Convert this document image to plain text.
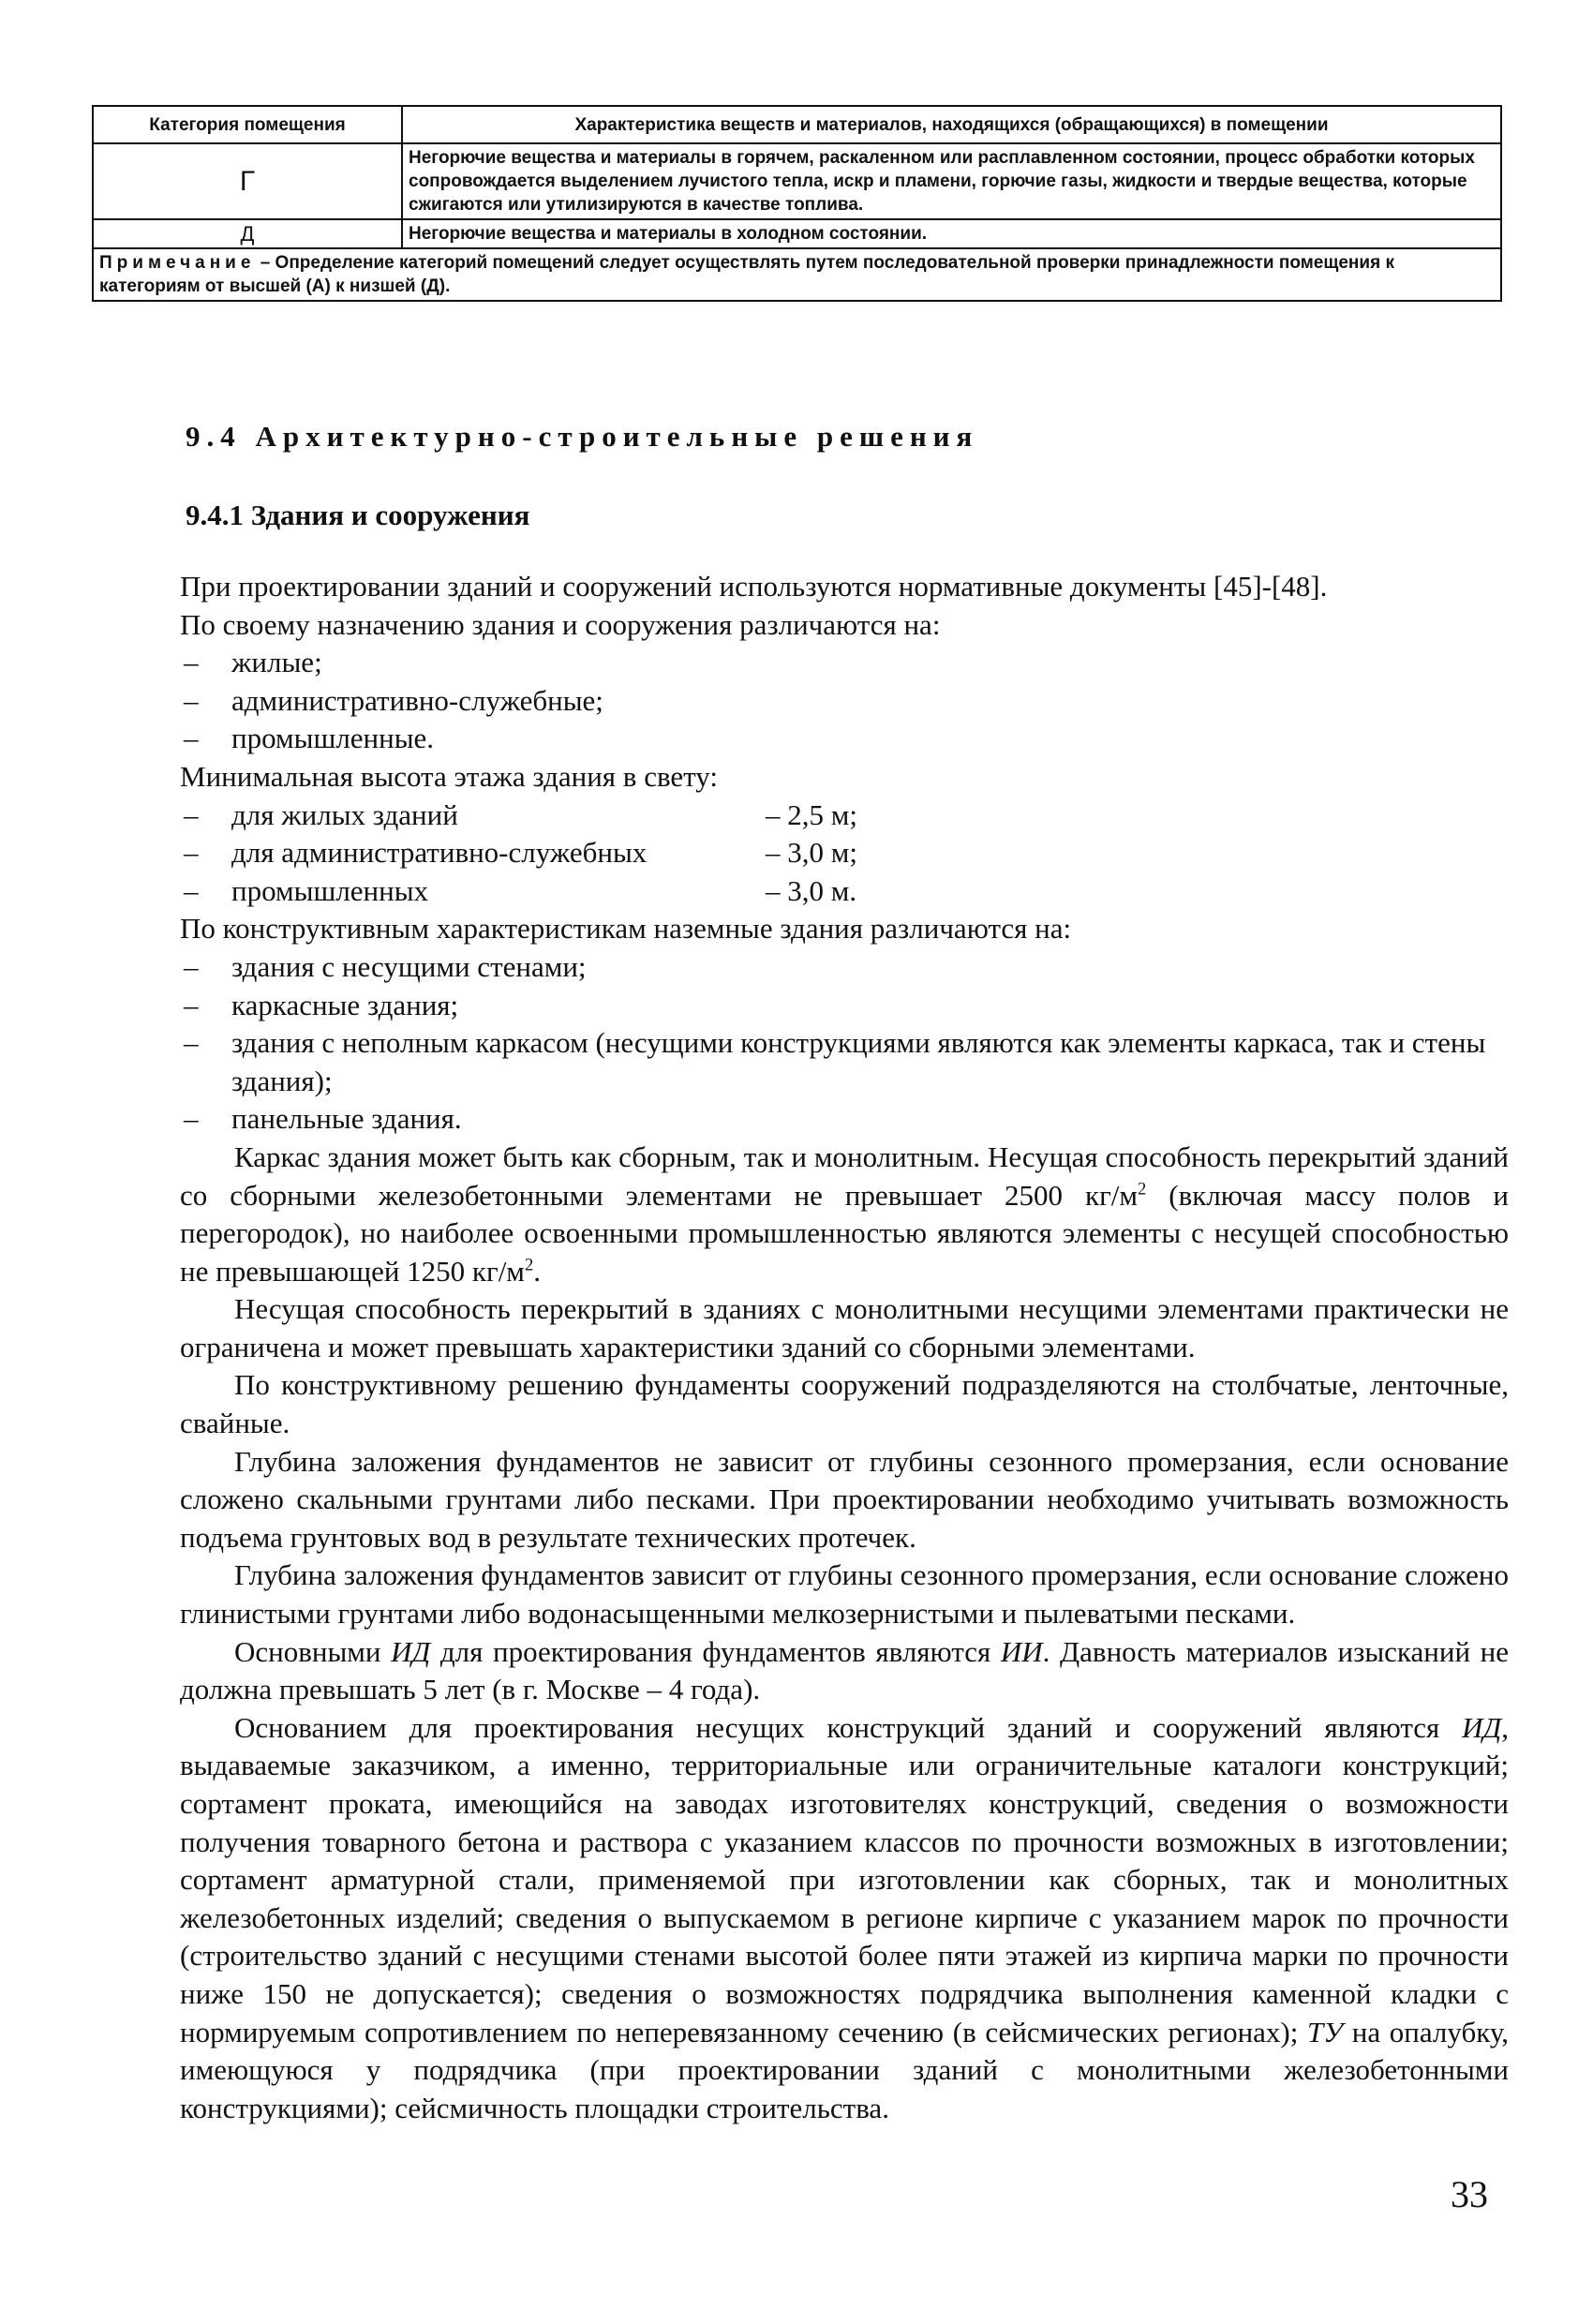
Категория помещения	Характеристика веществ и материалов, находящихся (обращающихся) в помещении
Г	Негорючие вещества и материалы в горячем, раскаленном или расплавленном состоянии, процесс обработки которых сопровождается выделением лучистого тепла, искр и пламени, горючие газы, жидкости и твердые вещества, которые сжигаются или утилизируются в качестве топлива.
Д	Негорючие вещества и материалы в холодном состоянии.
Примечание – Определение категорий помещений следует осуществлять путем последовательной проверки принадлежности помещения к категориям от высшей (А) к низшей (Д).	
9.4 Архитектурно-строительные решения
9.4.1 Здания и сооружения

При проектировании зданий и сооружений используются нормативные документы [45]-[48].

По своему назначению здания и сооружения различаются на:

– жилые;
– административно-служебные;
– промышленные.

Минимальная высота этажа здания в свету:

– для жилых зданий	– 2,5 м;
– для административно-служебных	– 3,0 м;
– промышленных	– 3,0 м.

По конструктивным характеристикам наземные здания различаются на:

– здания с несущими стенами;
– каркасные здания;
– здания с неполным каркасом (несущими конструкциями являются как элементы каркаса, так и стены здания);
– панельные здания.

Каркас здания может быть как сборным, так и монолитным. Несущая способность перекрытий зданий со сборными железобетонными элементами не превышает 2500 $кг/м^2$ (включая массу полов и перегородок), но наиболее освоенными промышленностью являются элементы с несущей способностью не превышающей 1250 $кг/м^2$.

Несущая способность перекрытий в зданиях с монолитными несущими элементами практически не ограничена и может превышать характеристики зданий со сборными элементами.

По конструктивному решению фундаменты сооружений подразделяются на столбчатые, ленточные, свайные.

Глубина заложения фундаментов не зависит от глубины сезонного промерзания, если основание сложено скальными грунтами либо песками. При проектировании необходимо учитывать возможность подъема грунтовых вод в результате технических протечек.

Глубина заложения фундаментов зависит от глубины сезонного промерзания, если основание сложено глинистыми грунтами либо водонасыщенными мелкозернистыми и пылеватыми песками.

Основными ИД для проектирования фундаментов являются ИИ. Давность материалов изысканий не должна превышать 5 лет (в г. Москве – 4 года).

Основанием для проектирования несущих конструкций зданий и сооружений являются ИД, выдаваемые заказчиком, а именно, территориальные или ограничительные каталоги конструкций; сортамент проката, имеющийся на заводах изготовителях конструкций, сведения о возможности получения товарного бетона и раствора с указанием классов по прочности возможных в изготовлении; сортамент арматурной стали, применяемой при изготовлении как сборных, так и монолитных железобетонных изделий; сведения о выпускаемом в регионе кирпиче с указанием марок по прочности (строительство зданий с несущими стенами высотой более пяти этажей из кирпича марки по прочности ниже 150 не допускается); сведения о возможностях подрядчика выполнения каменной кладки с нормируемым сопротивлением по неперевязанному сечению (в сейсмических регионах); ТУ на опалубку, имеющуюся у подрядчика (при проектировании зданий с монолитными железобетонными конструкциями); сейсмичность площадки строительства.

33
